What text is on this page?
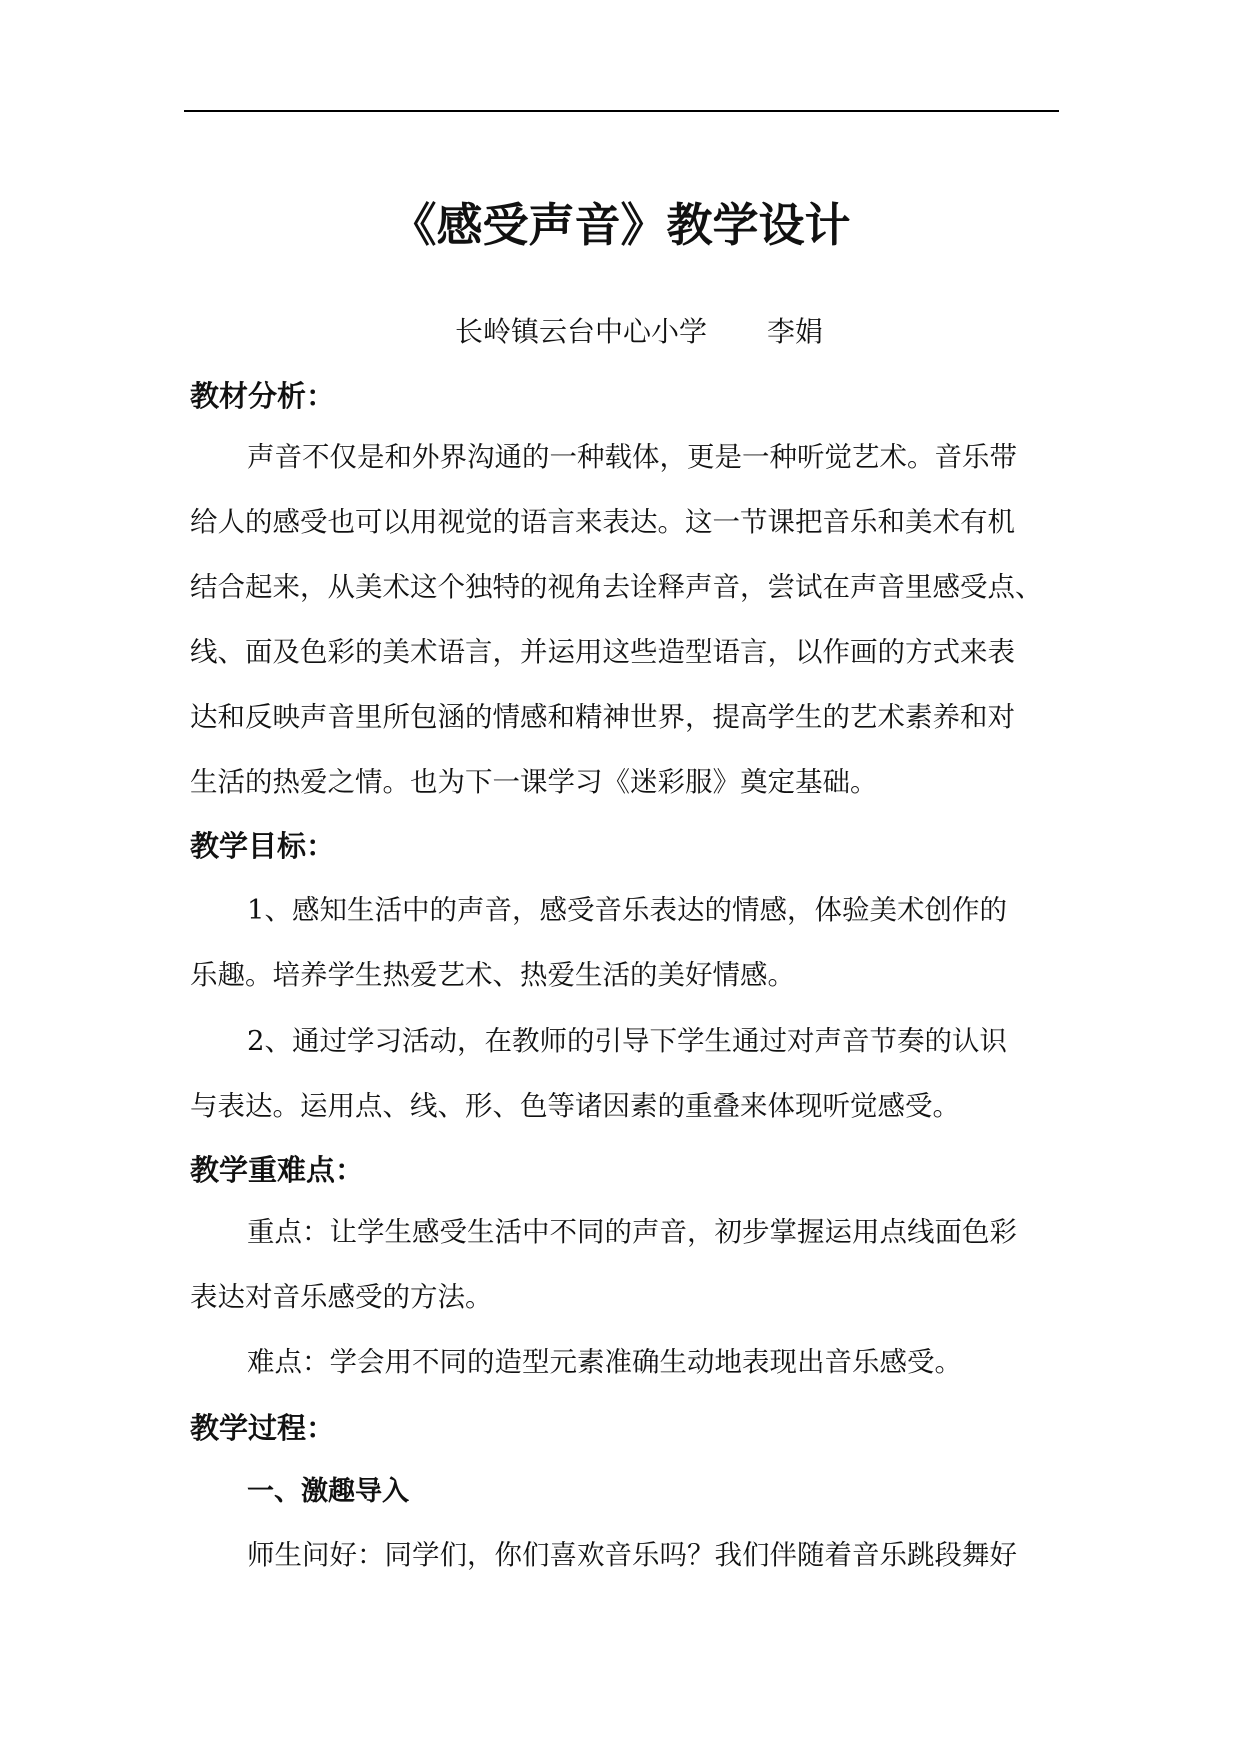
《感受声音》教学设计
长岭镇云台中心小学 李娟
教材分析：
声音不仅是和外界沟通的一种载体，更是一种听觉艺术。音乐带
给人的感受也可以用视觉的语言来表达。这一节课把音乐和美术有机
结合起来，从美术这个独特的视角去诠释声音，尝试在声音里感受点、
线、面及色彩的美术语言，并运用这些造型语言，以作画的方式来表
达和反映声音里所包涵的情感和精神世界，提高学生的艺术素养和对
生活的热爱之情。也为下一课学习《迷彩服》奠定基础。
教学目标：
1、感知生活中的声音，感受音乐表达的情感，体验美术创作的
乐趣。培养学生热爱艺术、热爱生活的美好情感。
2、通过学习活动，在教师的引导下学生通过对声音节奏的认识
与表达。运用点、线、形、色等诸因素的重叠来体现听觉感受。
教学重难点：
重点：让学生感受生活中不同的声音，初步掌握运用点线面色彩
表达对音乐感受的方法。
难点：学会用不同的造型元素准确生动地表现出音乐感受。
教学过程：
一、激趣导入
师生问好：同学们，你们喜欢音乐吗？我们伴随着音乐跳段舞好
